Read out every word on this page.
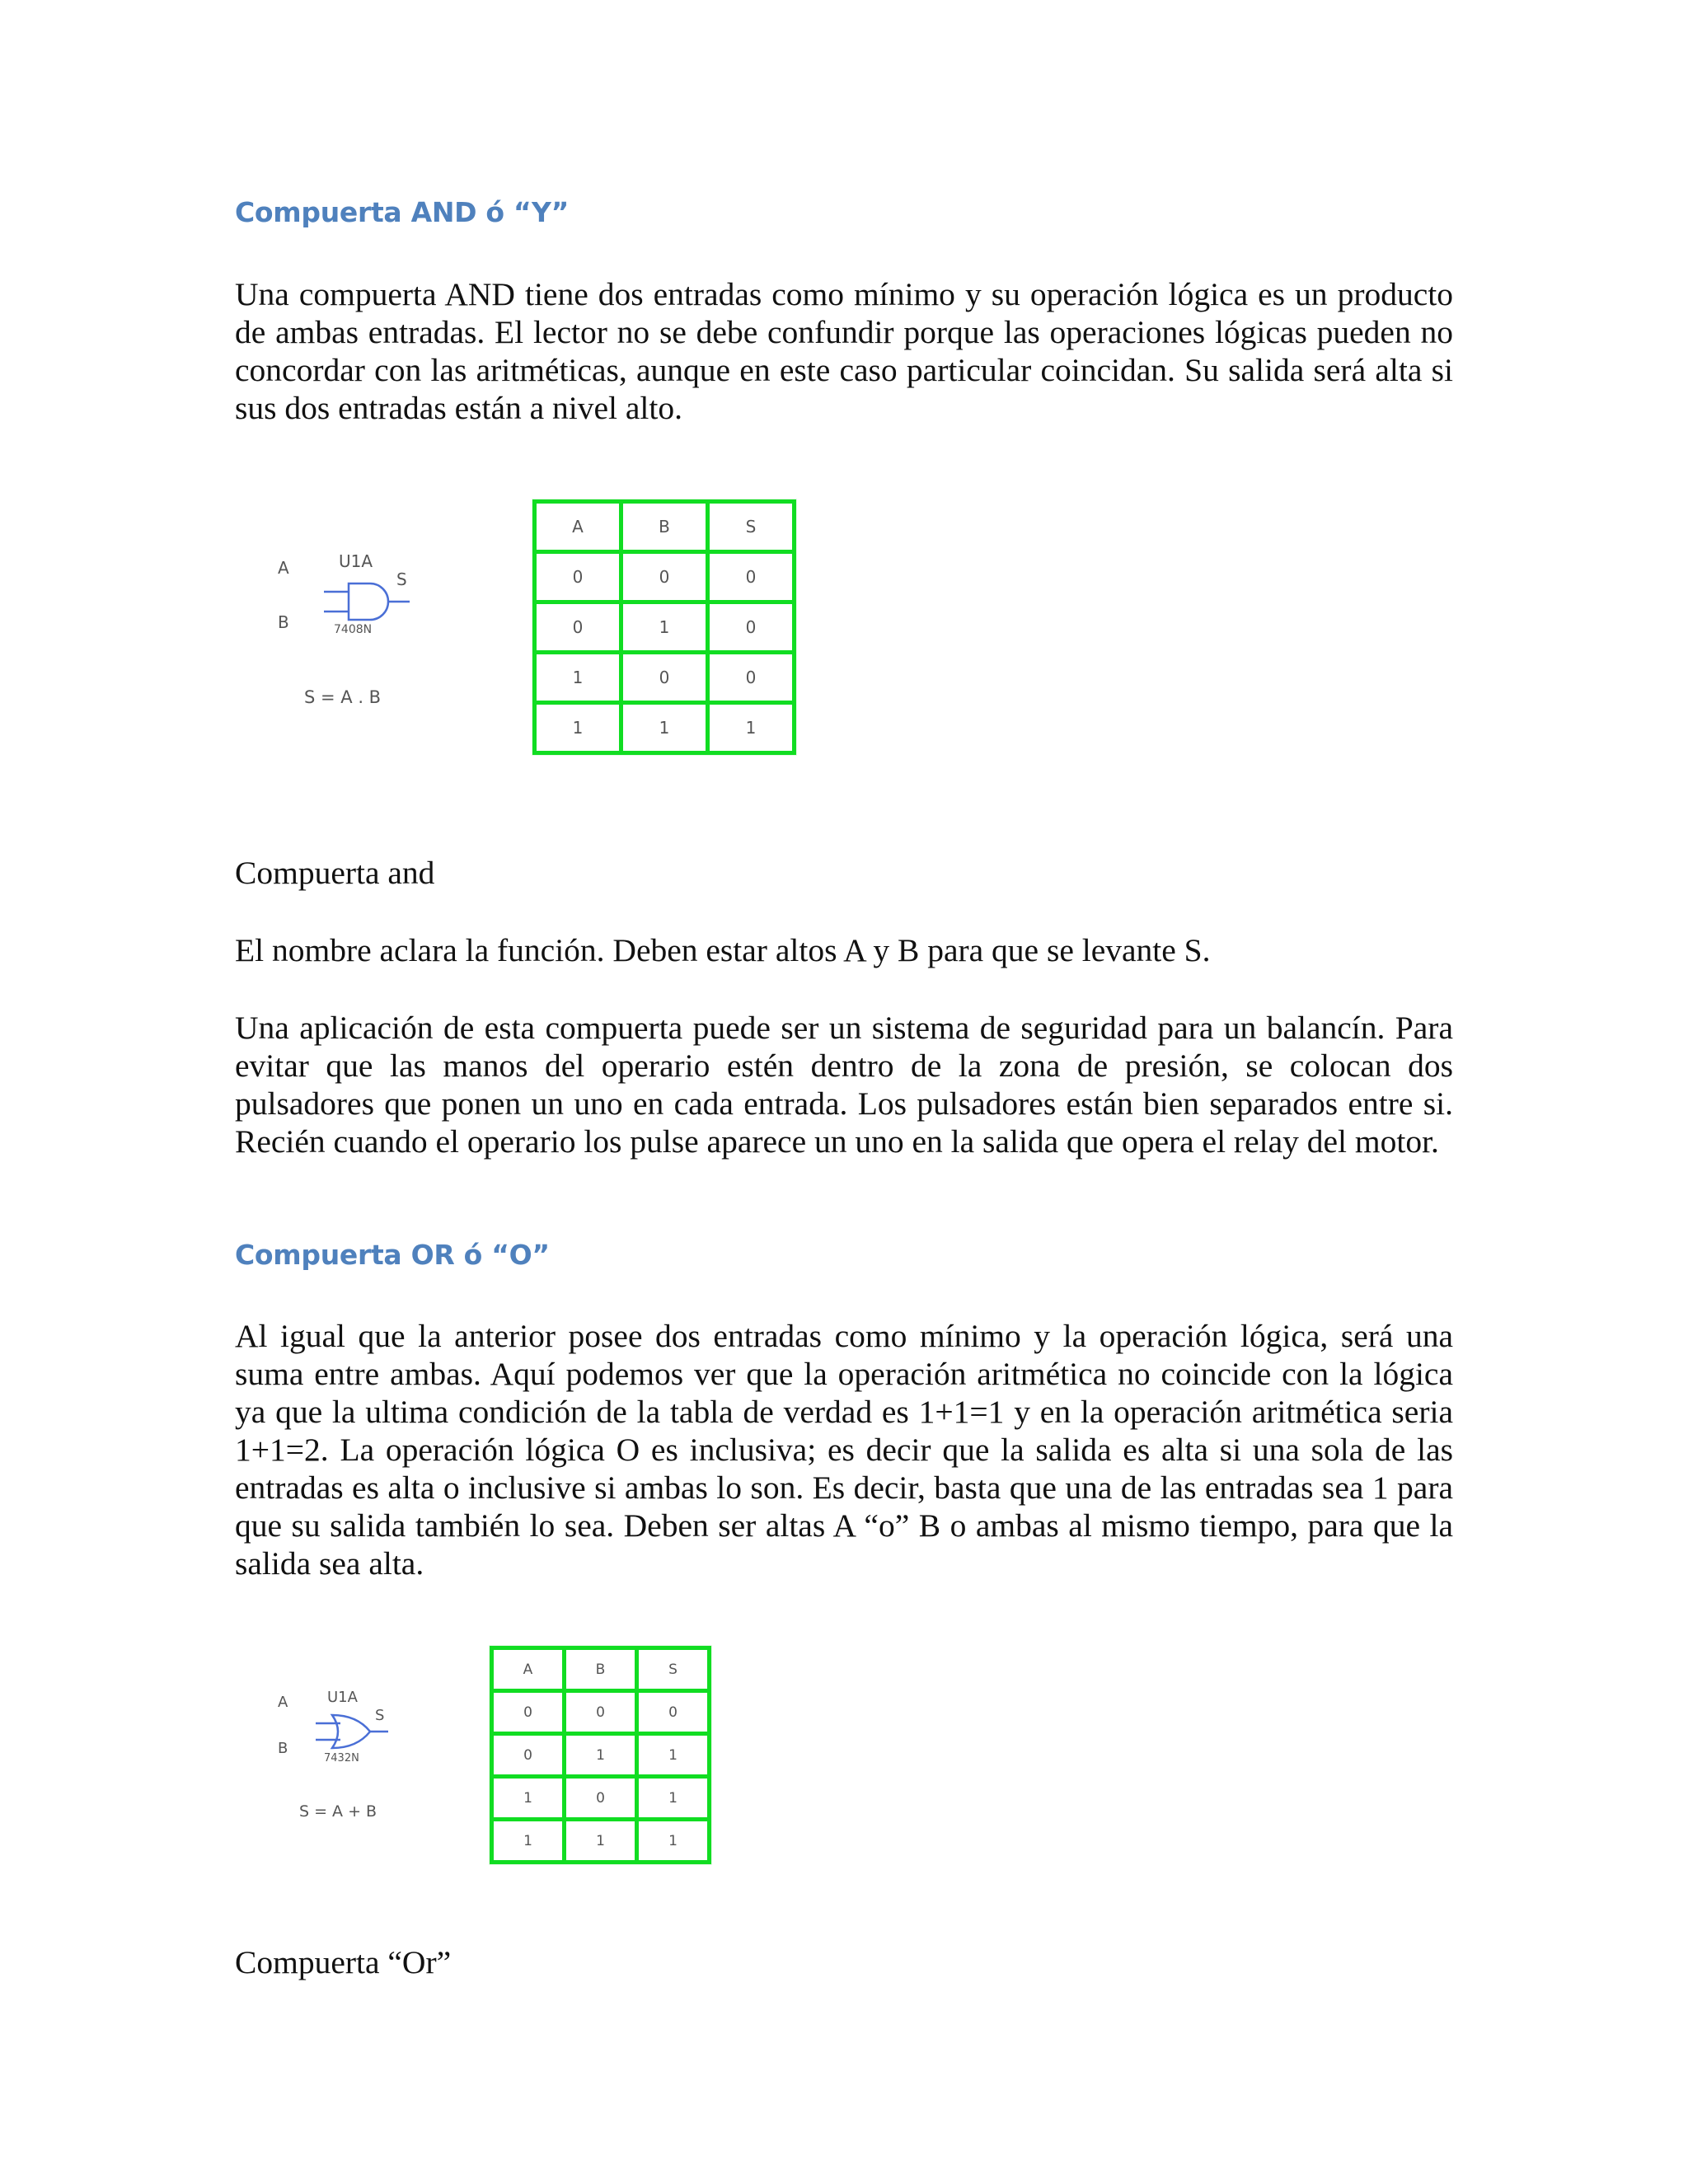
Compuerta AND ó “Y”

Una compuerta AND tiene dos entradas como mínimo y su operación lógica es un producto de ambas entradas. El lector no se debe confundir porque las operaciones lógicas pueden no concordar con las aritméticas, aunque en este caso particular coincidan. Su salida será alta si sus dos entradas están a nivel alto.

A
B
S
U1A
7408N
S = A . B
A	B	S
0	0	0
0	1	0
1	0	0
1	1	1

Compuerta and

El nombre aclara la función. Deben estar altos A y B para que se levante S.

Una aplicación de esta compuerta puede ser un sistema de seguridad para un balancín. Para evitar que las manos del operario estén dentro de la zona de presión, se colocan dos pulsadores que ponen un uno en cada entrada. Los pulsadores están bien separados entre si. Recién cuando el operario los pulse aparece un uno en la salida que opera el relay del motor.

Compuerta OR ó “O”

Al igual que la anterior posee dos entradas como mínimo y la operación lógica, será una suma entre ambas. Aquí podemos ver que la operación aritmética no coincide con la lógica ya que la ultima condición de la tabla de verdad es 1+1=1 y en la operación aritmética seria 1+1=2. La operación lógica O es inclusiva; es decir que la salida es alta si una sola de las entradas es alta o inclusive si ambas lo son. Es decir, basta que una de las entradas sea 1 para que su salida también lo sea. Deben ser altas A “o” B o ambas al mismo tiempo, para que la salida sea alta.

A
B
S
U1A
7432N
S = A + B
A	B	S
0	0	0
0	1	1
1	0	1
1	1	1

Compuerta “Or”
